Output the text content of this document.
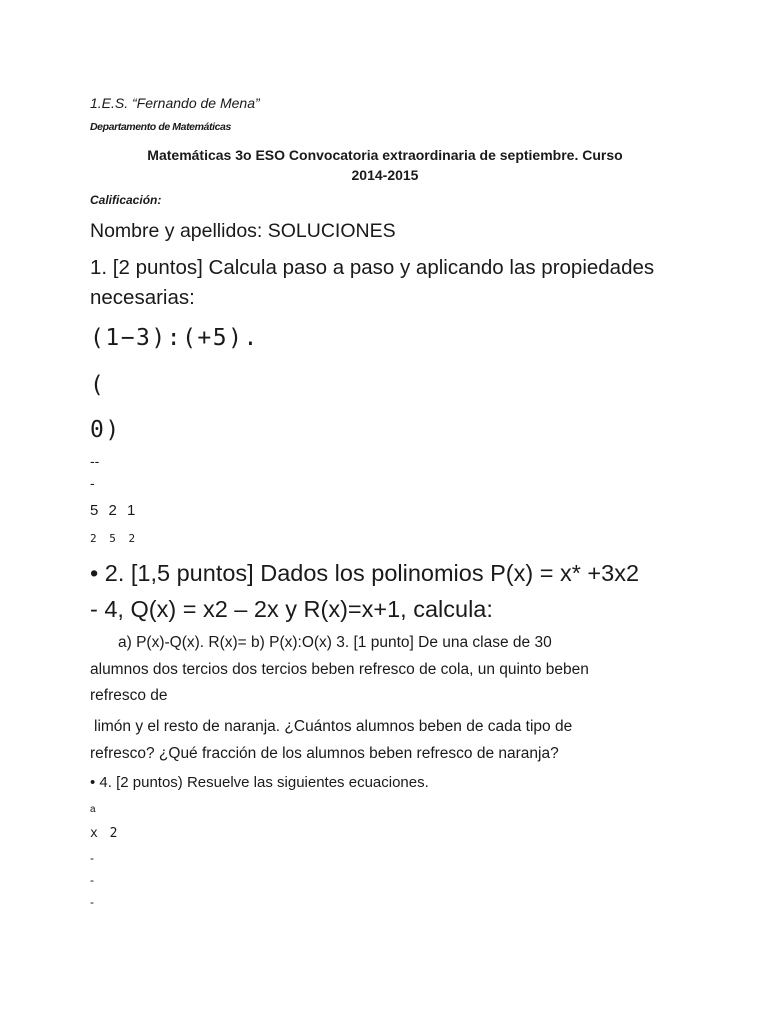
1.E.S. “Fernando de Mena”
Departamento de Matemáticas
Matemáticas 3o ESO Convocatoria extraordinaria de septiembre. Curso
2014-2015
Calificación:
Nombre y apellidos: SOLUCIONES
1. [2 puntos] Calcula paso a paso y aplicando las propiedades
necesarias:
(1−3):(+5).
(
0)
--
-
5 2 1
2 5 2
• 2. [1,5 puntos] Dados los polinomios P(x) = x* +3x2
- 4, Q(x) = x2 – 2x y R(x)=x+1, calcula:
a) P(x)-Q(x). R(x)= b) P(x):O(x) 3. [1 punto] De una clase de 30
alumnos dos tercios dos tercios beben refresco de cola, un quinto beben
refresco de
limón y el resto de naranja. ¿Cuántos alumnos beben de cada tipo de
refresco? ¿Qué fracción de los alumnos beben refresco de naranja?
• 4. [2 puntos) Resuelve las siguientes ecuaciones.
a
x 2
-
-
-
